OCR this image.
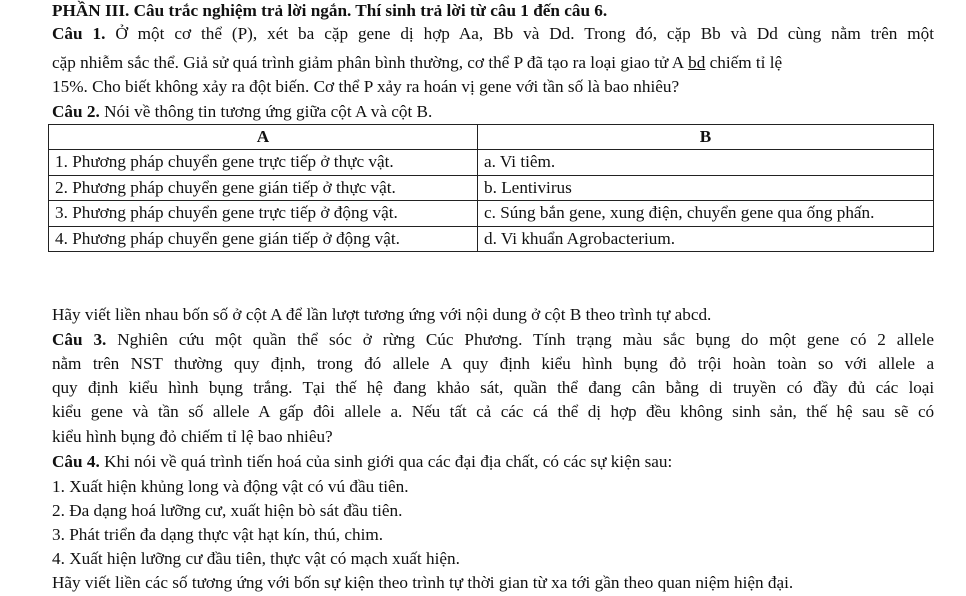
PHẦN III. Câu trắc nghiệm trả lời ngắn. Thí sinh trả lời từ câu 1 đến câu 6.
Câu 1. Ở một cơ thể (P), xét ba cặp gene dị hợp Aa, Bb và Dd. Trong đó, cặp Bb và Dd cùng nằm trên một
cặp nhiễm sắc thể. Giả sử quá trình giảm phân bình thường, cơ thể P đã tạo ra loại giao tử A bd chiếm tỉ lệ
15%. Cho biết không xảy ra đột biến. Cơ thể P xảy ra hoán vị gene với tần số là bao nhiêu?
Câu 2. Nói về thông tin tương ứng giữa cột A và cột B.
A	B
1. Phương pháp chuyển gene trực tiếp ở thực vật.	a. Vi tiêm.
2. Phương pháp chuyển gene gián tiếp ở thực vật.	b. Lentivirus
3. Phương pháp chuyển gene trực tiếp ở động vật.	c. Súng bắn gene, xung điện, chuyển gene qua ống phấn.
4. Phương pháp chuyển gene gián tiếp ở động vật.	d. Vi khuẩn Agrobacterium.
Hãy viết liền nhau bốn số ở cột A để lần lượt tương ứng với nội dung ở cột B theo trình tự abcd.
Câu 3. Nghiên cứu một quần thể sóc ở rừng Cúc Phương. Tính trạng màu sắc bụng do một gene có 2 allele
nằm trên NST thường quy định, trong đó allele A quy định kiểu hình bụng đỏ trội hoàn toàn so với allele a
quy định kiểu hình bụng trắng. Tại thế hệ đang khảo sát, quần thể đang cân bằng di truyền có đầy đủ các loại
kiểu gene và tần số allele A gấp đôi allele a. Nếu tất cả các cá thể dị hợp đều không sinh sản, thế hệ sau sẽ có
kiểu hình bụng đỏ chiếm tỉ lệ bao nhiêu?
Câu 4. Khi nói về quá trình tiến hoá của sinh giới qua các đại địa chất, có các sự kiện sau:
1. Xuất hiện khủng long và động vật có vú đầu tiên.
2. Đa dạng hoá lưỡng cư, xuất hiện bò sát đầu tiên.
3. Phát triển đa dạng thực vật hạt kín, thú, chim.
4. Xuất hiện lưỡng cư đầu tiên, thực vật có mạch xuất hiện.
Hãy viết liền các số tương ứng với bốn sự kiện theo trình tự thời gian từ xa tới gần theo quan niệm hiện đại.
